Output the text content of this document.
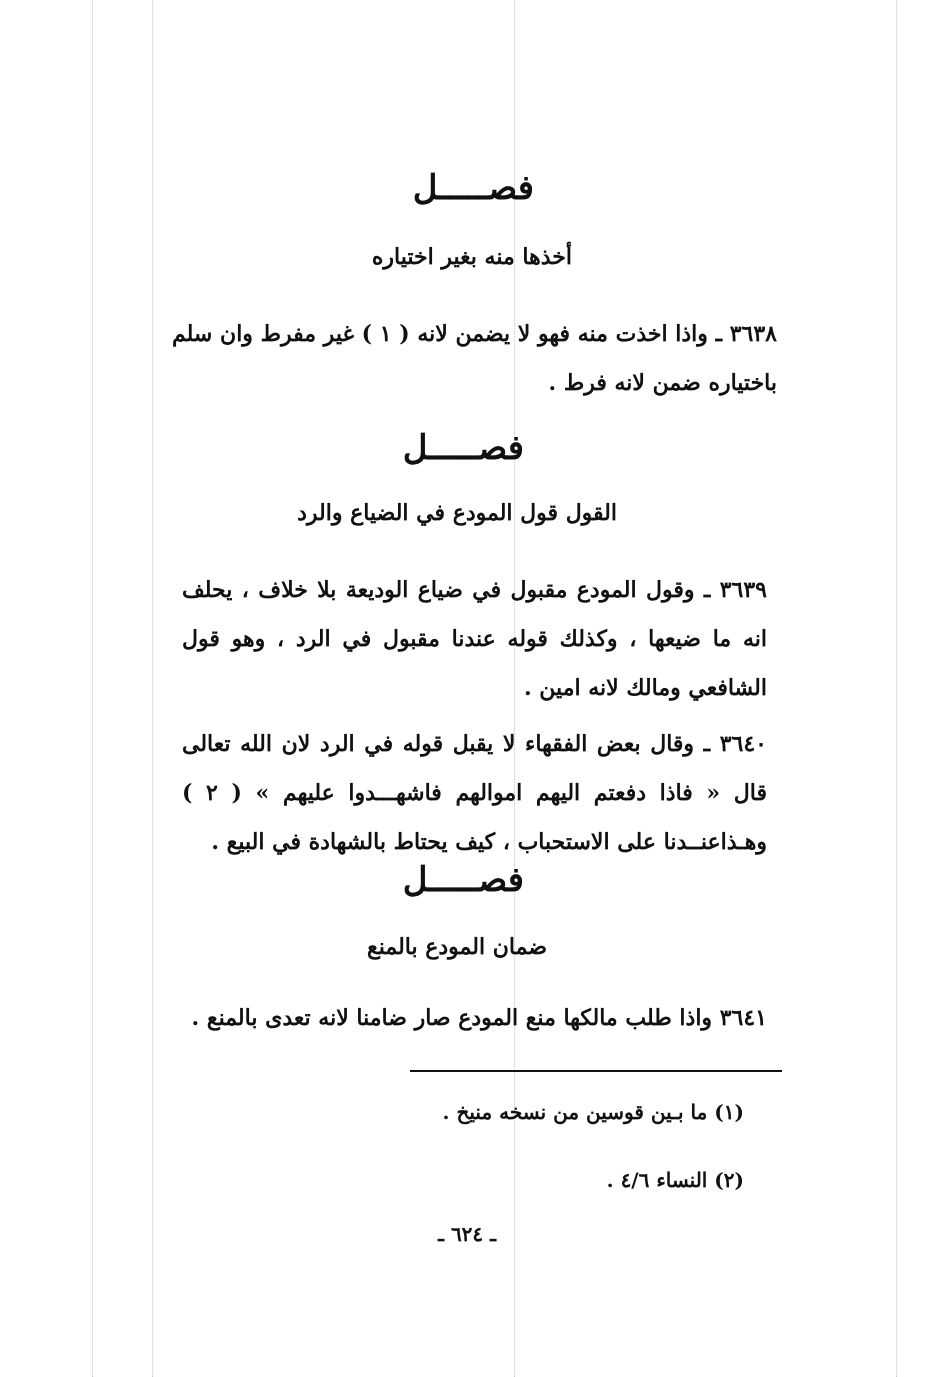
فصـــــل
أخذها منه بغير اختياره
٣٦٣٨ ـ واذا اخذت منه فهو لا يضمن لانه ( ١ ) غير مفرط وان سلم باختياره ضمن لانه فرط .
فصـــــل
القول قول المودع في الضياع والرد
٣٦٣٩ ـ وقول المودع مقبول في ضياع الوديعة بلا خلاف ، يحلف انه ما ضيعها ، وكذلك قوله عندنا مقبول في الرد ، وهو قول الشافعي ومالك لانه امين .
٣٦٤٠ ـ وقال بعض الفقهاء لا يقبل قوله في الرد لان الله تعالى قال « فاذا دفعتم اليهم اموالهم فاشهـــدوا عليهم » ( ٢ ) وهـذاعنــدنا على الاستحباب ، كيف يحتاط بالشهادة في البيع .
فصـــــل
ضمان المودع بالمنع
٣٦٤١ واذا طلب مالكها منع المودع صار ضامنا لانه تعدى بالمنع .
(١) ما بـين قوسين من نسخه منيخ .
(٢) النساء ٤/٦ .
ـ ٦٢٤ ـ
